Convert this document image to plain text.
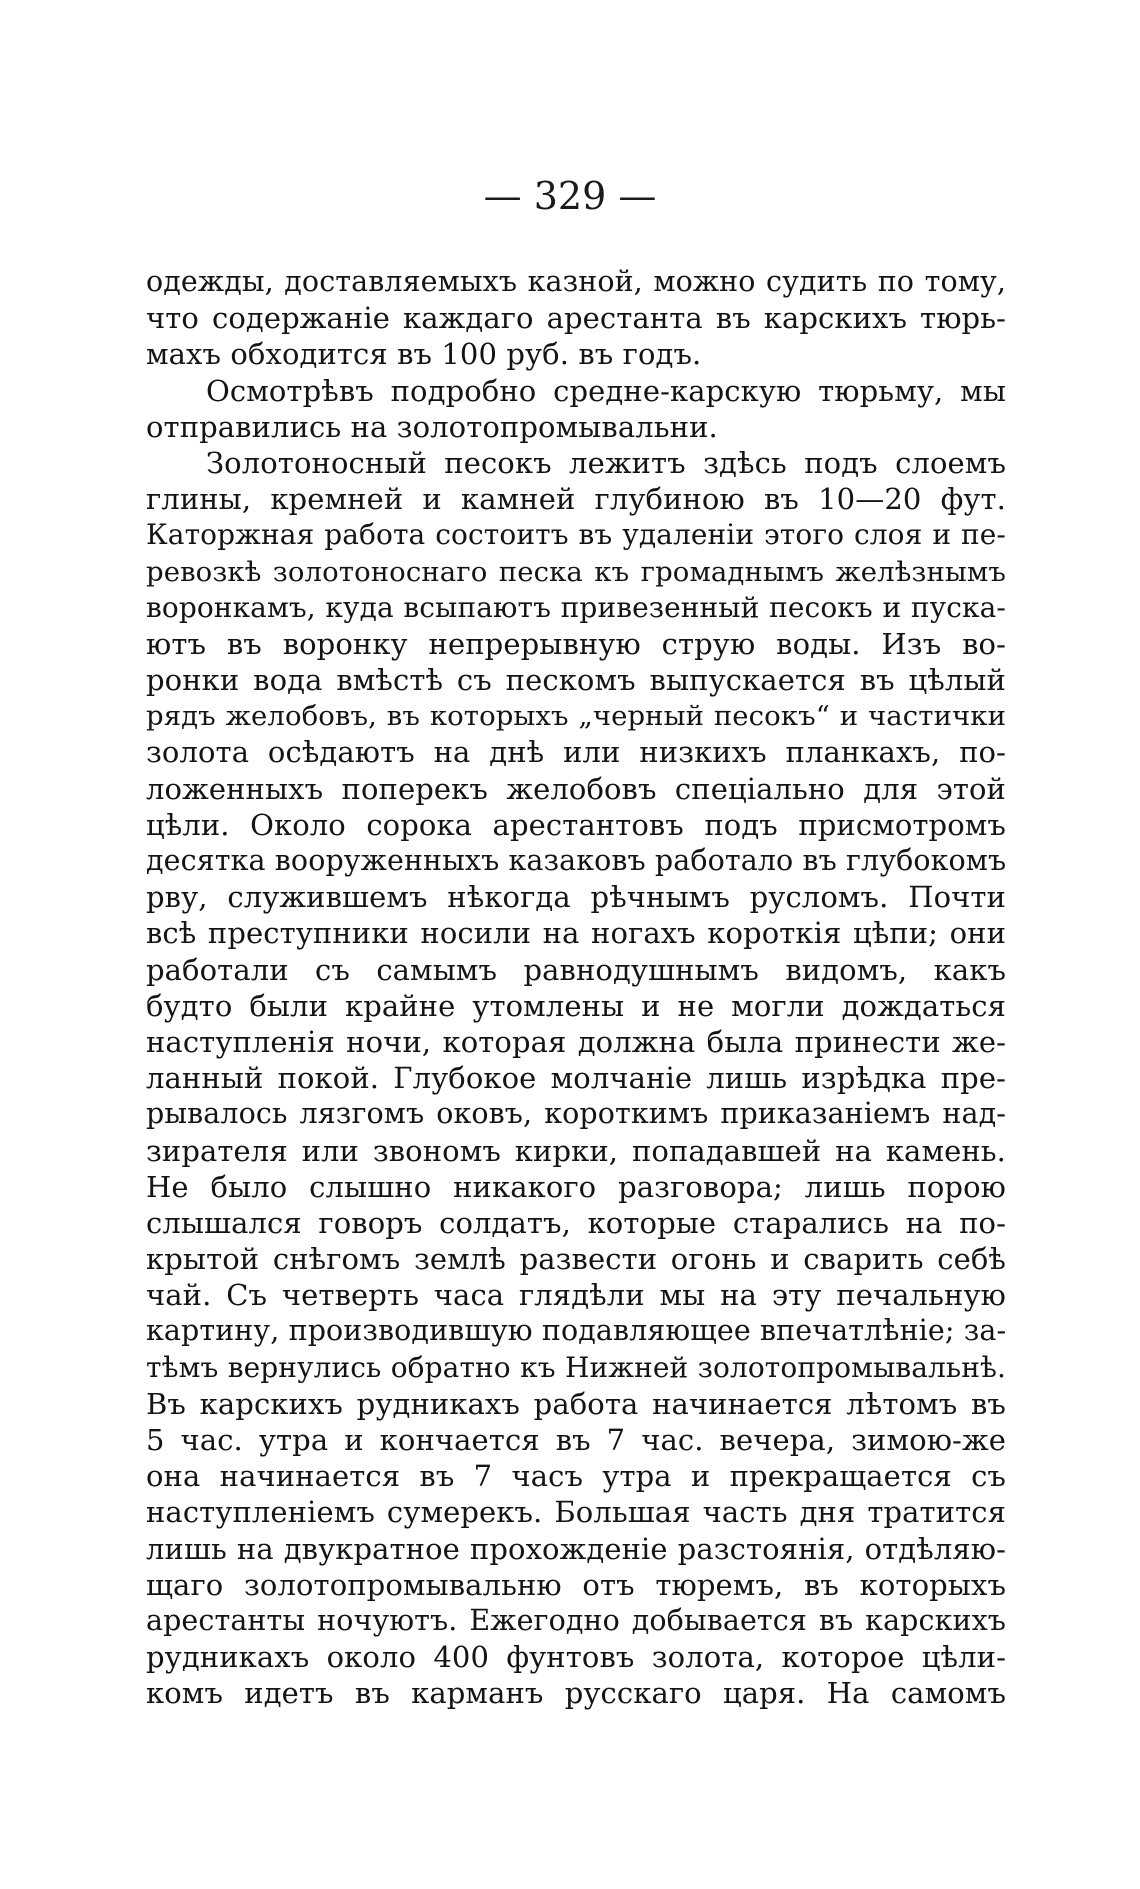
— 329 —
одежды, доставляемыхъ казной, можно судить по тому,
что содержаніе каждаго арестанта въ карскихъ тюрь-
махъ обходится въ 100 руб. въ годъ.
Осмотрѣвъ подробно средне-карскую тюрьму, мы
отправились на золотопромывальни.
Золотоносный песокъ лежитъ здѣсь подъ слоемъ
глины, кремней и камней глубиною въ 10—20 фут.
Каторжная работа состоитъ въ удаленіи этого слоя и пе-
ревозкѣ золотоноснаго песка къ громаднымъ желѣзнымъ
воронкамъ, куда всыпаютъ привезенный песокъ и пуска-
ютъ въ воронку непрерывную струю воды. Изъ во-
ронки вода вмѣстѣ съ пескомъ выпускается въ цѣлый
рядъ желобовъ, въ которыхъ „черный песокъ“ и частички
золота осѣдаютъ на днѣ или низкихъ планкахъ, по-
ложенныхъ поперекъ желобовъ спеціально для этой
цѣли. Около сорока арестантовъ подъ присмотромъ
десятка вооруженныхъ казаковъ работало въ глубокомъ
рву, служившемъ нѣкогда рѣчнымъ русломъ. Почти
всѣ преступники носили на ногахъ короткія цѣпи; они
работали съ самымъ равнодушнымъ видомъ, какъ
будто были крайне утомлены и не могли дождаться
наступленія ночи, которая должна была принести же-
ланный покой. Глубокое молчаніе лишь изрѣдка пре-
рывалось лязгомъ оковъ, короткимъ приказаніемъ над-
зирателя или звономъ кирки, попадавшей на камень.
Не было слышно никакого разговора; лишь порою
слышался говоръ солдатъ, которые старались на по-
крытой снѣгомъ землѣ развести огонь и сварить себѣ
чай. Съ четверть часа глядѣли мы на эту печальную
картину, производившую подавляющее впечатлѣніе; за-
тѣмъ вернулись обратно къ Нижней золотопромывальнѣ.
Въ карскихъ рудникахъ работа начинается лѣтомъ въ
5 час. утра и кончается въ 7 час. вечера, зимою-же
она начинается въ 7 часъ утра и прекращается съ
наступленіемъ сумерекъ. Большая часть дня тратится
лишь на двукратное прохожденіе разстоянія, отдѣляю-
щаго золотопромывальню отъ тюремъ, въ которыхъ
арестанты ночуютъ. Ежегодно добывается въ карскихъ
рудникахъ около 400 фунтовъ золота, которое цѣли-
комъ идетъ въ карманъ русскаго царя. На самомъ
